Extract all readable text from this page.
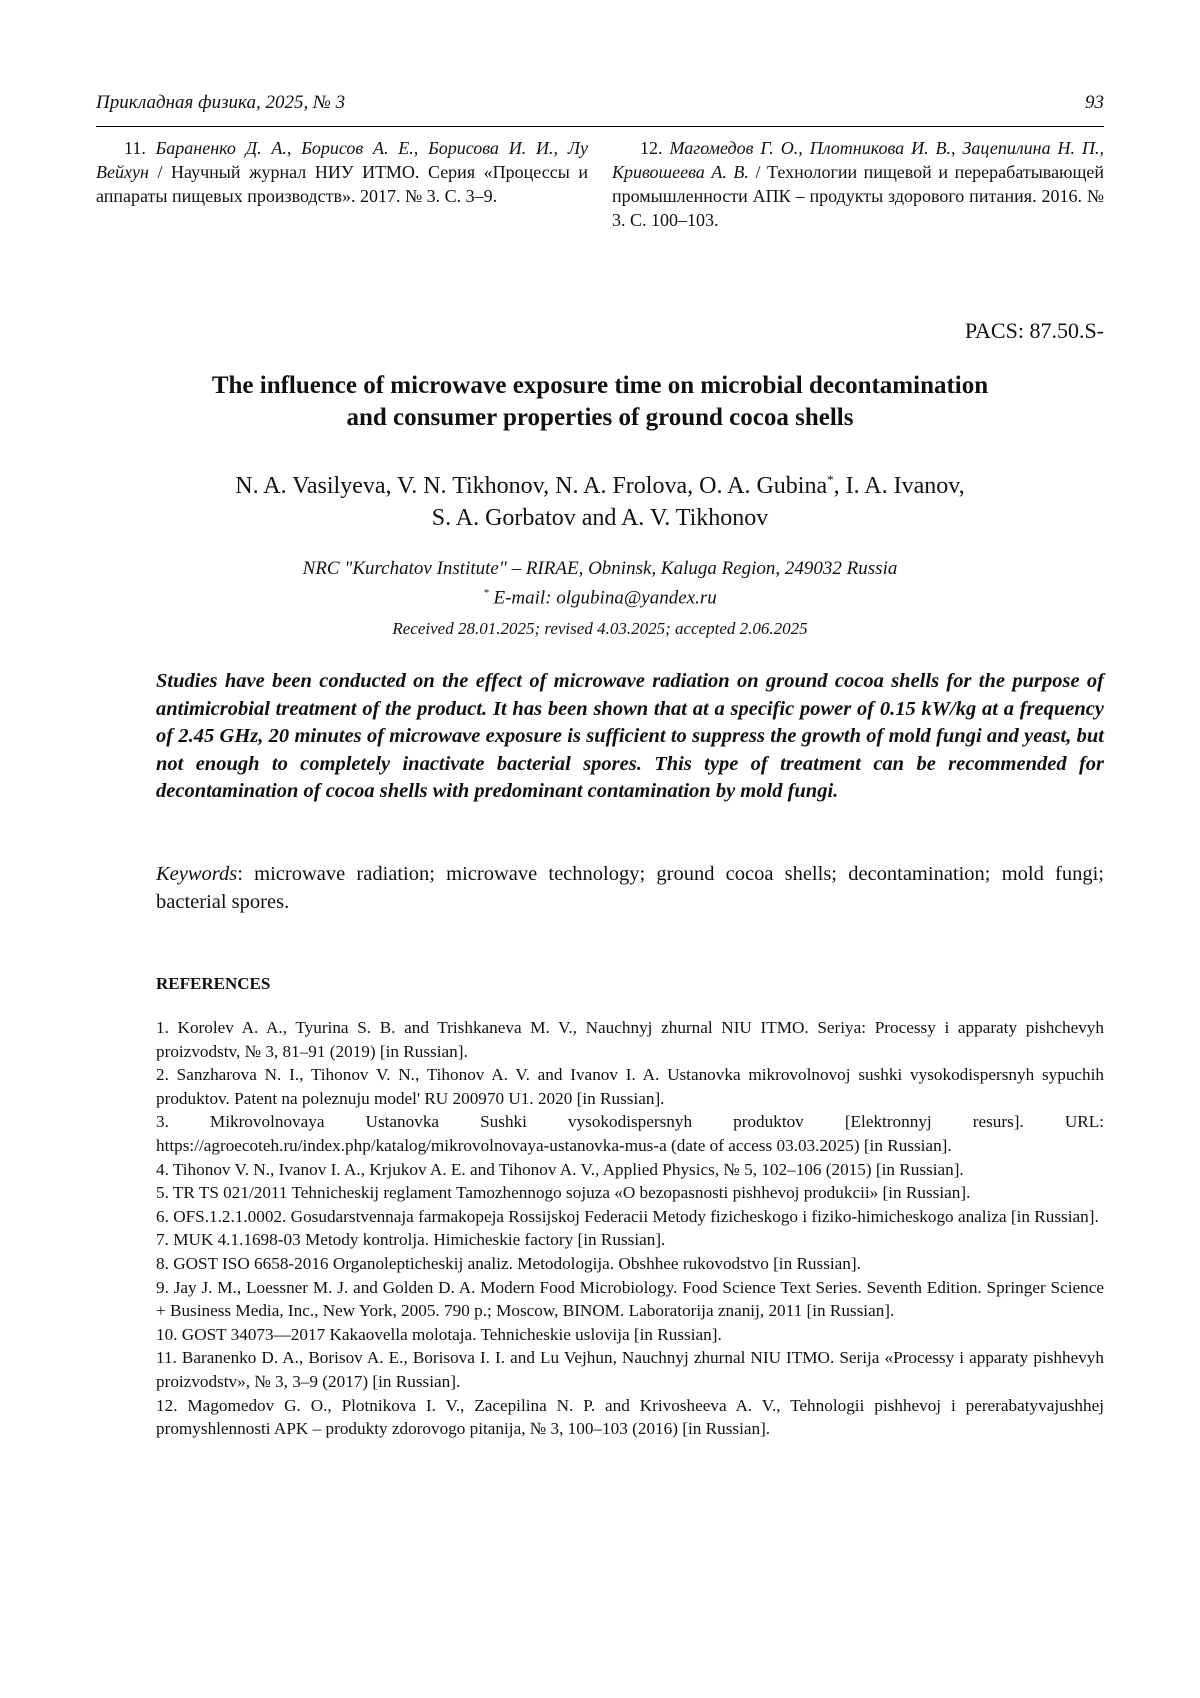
Прикладная физика, 2025, № 3	93

11. Бараненко Д. А., Борисов А. Е., Борисова И. И., Лу Вейхун / Научный журнал НИУ ИТМО. Серия «Процессы и аппараты пищевых производств». 2017. № 3. С. 3–9.

12. Магомедов Г. О., Плотникова И. В., Зацепилина Н. П., Кривошеева А. В. / Технологии пищевой и перерабатывающей промышленности АПК – продукты здорового питания. 2016. № 3. С. 100–103.

PACS: 87.50.S-
The influence of microwave exposure time on microbial decontamination
and consumer properties of ground cocoa shells
N. A. Vasilyeva, V. N. Tikhonov, N. A. Frolova, O. A. Gubina*, I. A. Ivanov,
S. A. Gorbatov and A. V. Tikhonov
NRC "Kurchatov Institute" – RIRAE, Obninsk, Kaluga Region, 249032 Russia
* E-mail: olgubina@yandex.ru
Received 28.01.2025; revised 4.03.2025; accepted 2.06.2025

Studies have been conducted on the effect of microwave radiation on ground cocoa shells for the purpose of antimicrobial treatment of the product. It has been shown that at a specific power of 0.15 kW/kg at a frequency of 2.45 GHz, 20 minutes of microwave exposure is sufficient to suppress the growth of mold fungi and yeast, but not enough to completely inactivate bacterial spores. This type of treatment can be recommended for decontamination of cocoa shells with predominant contamination by mold fungi.

Keywords: microwave radiation; microwave technology; ground cocoa shells; decontamination; mold fungi; bacterial spores.

REFERENCES
1. Korolev A. A., Tyurina S. B. and Trishkaneva M. V., Nauchnyj zhurnal NIU ITMO. Seriya: Processy i apparaty pishchevyh proizvodstv, № 3, 81–91 (2019) [in Russian].
2. Sanzharova N. I., Tihonov V. N., Tihonov A. V. and Ivanov I. A. Ustanovka mikrovolnovoj sushki vysokodispersnyh sypuchih produktov. Patent na poleznuju model' RU 200970 U1. 2020 [in Russian].
3. Mikrovolnovaya Ustanovka Sushki vysokodispersnyh produktov [Elektronnyj resurs]. URL: https://agroecoteh.ru/index.php/katalog/mikrovolnovaya-ustanovka-mus-a (date of access 03.03.2025) [in Russian].
4. Tihonov V. N., Ivanov I. A., Krjukov A. E. and Tihonov A. V., Applied Physics, № 5, 102–106 (2015) [in Russian].
5. TR TS 021/2011 Tehnicheskij reglament Tamozhennogo sojuza «O bezopasnosti pishhevoj produkcii» [in Russian].
6. OFS.1.2.1.0002. Gosudarstvennaja farmakopeja Rossijskoj Federacii Metody fizicheskogo i fiziko-himicheskogo analiza [in Russian].
7. MUK 4.1.1698-03 Metody kontrolja. Himicheskie factory [in Russian].
8. GOST ISO 6658-2016 Organolepticheskij analiz. Metodologija. Obshhee rukovodstvo [in Russian].
9. Jay J. M., Loessner M. J. and Golden D. A. Modern Food Microbiology. Food Science Text Series. Seventh Edition. Springer Science + Business Media, Inc., New York, 2005. 790 p.; Moscow, BINOM. Laboratorija znanij, 2011 [in Russian].
10. GOST 34073—2017 Kakaovella molotaja. Tehnicheskie uslovija [in Russian].
11. Baranenko D. A., Borisov A. E., Borisova I. I. and Lu Vejhun, Nauchnyj zhurnal NIU ITMO. Serija «Processy i apparaty pishhevyh proizvodstv», № 3, 3–9 (2017) [in Russian].
12. Magomedov G. O., Plotnikova I. V., Zacepilina N. P. and Krivosheeva A. V., Tehnologii pishhevoj i pererabatyvajushhej promyshlennosti APK – produkty zdorovogo pitanija, № 3, 100–103 (2016) [in Russian].
